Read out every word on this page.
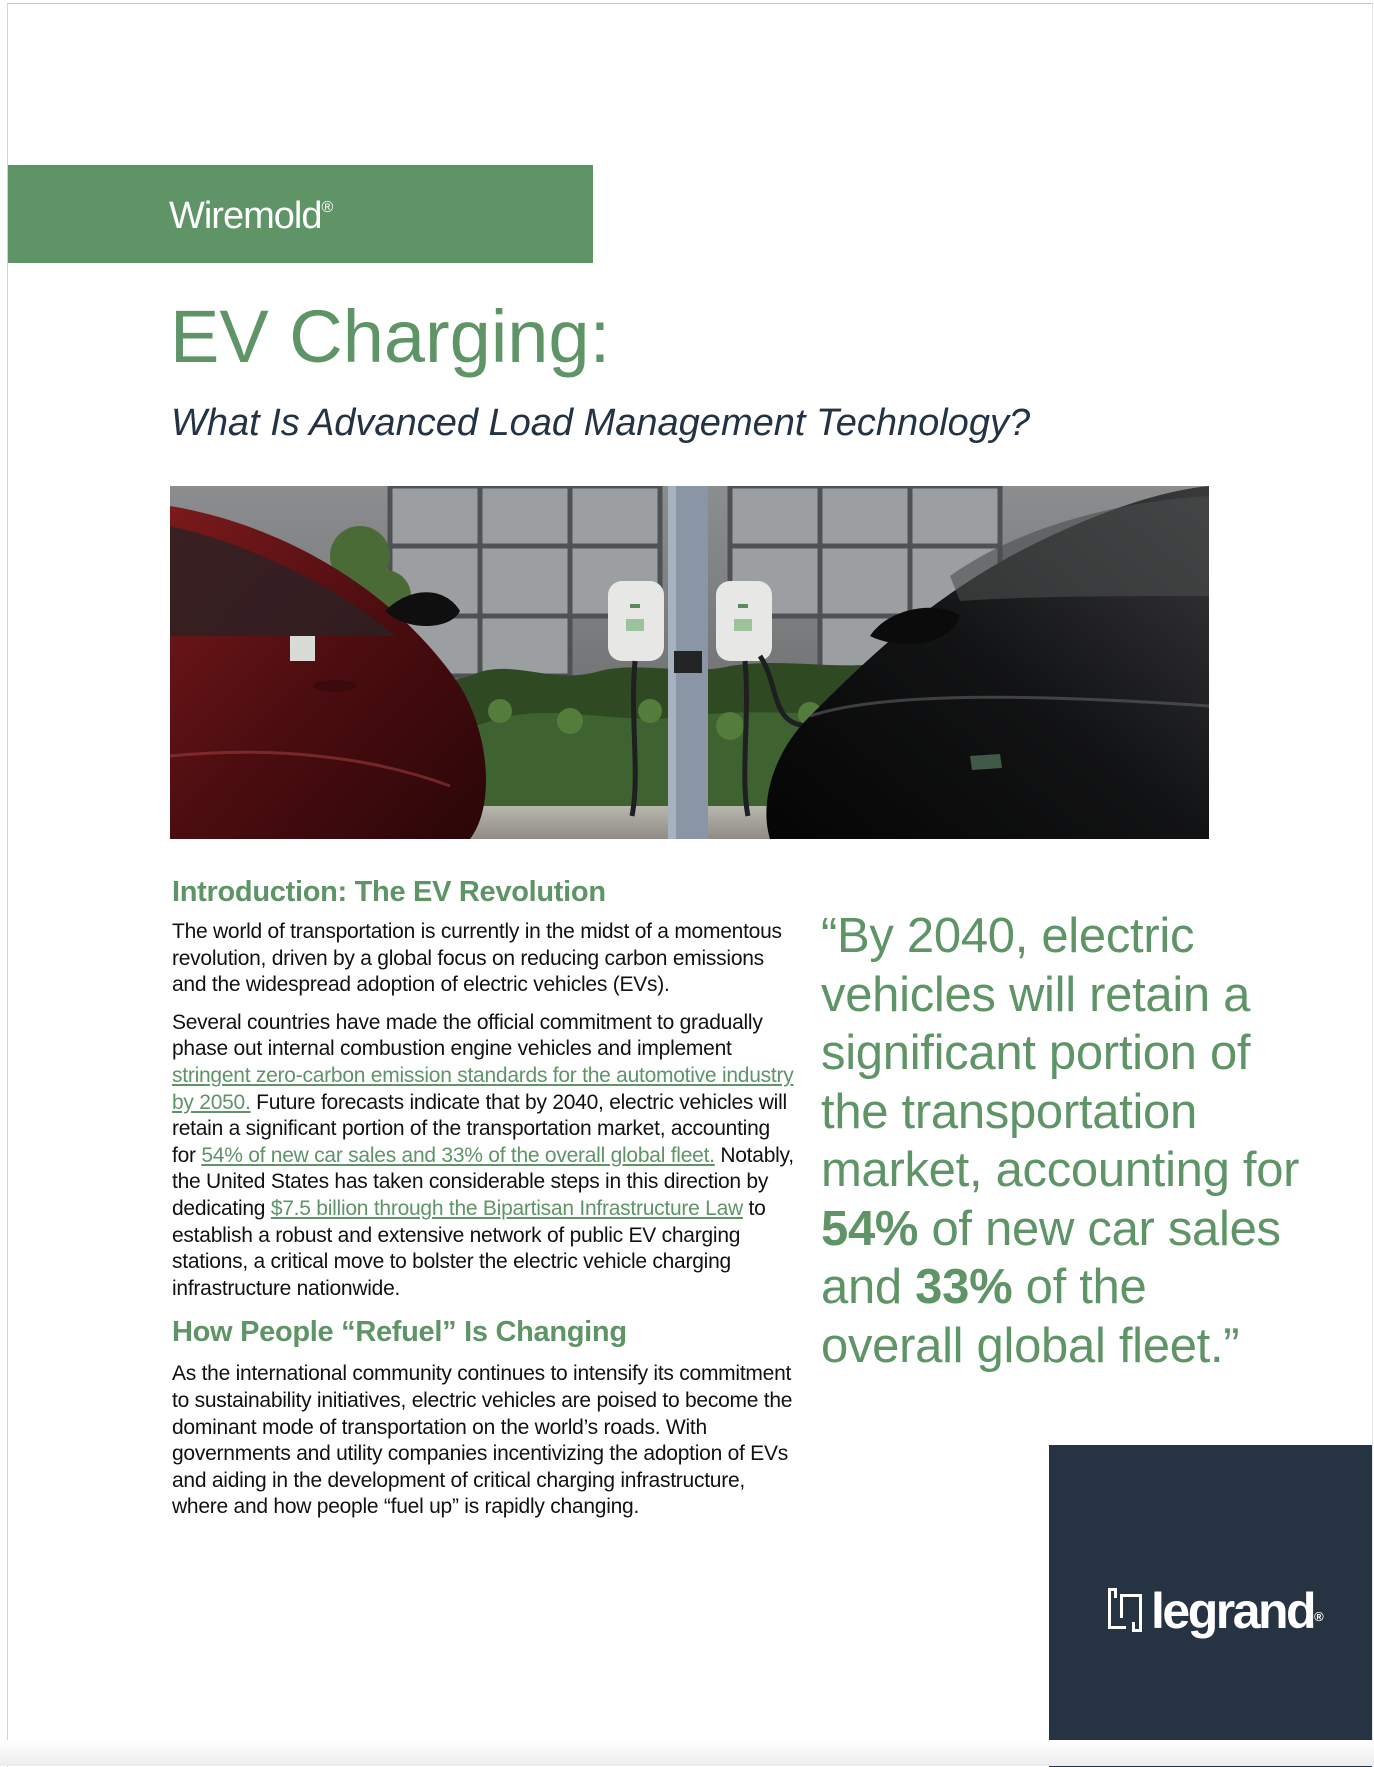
Wiremold®
EV Charging:
What Is Advanced Load Management Technology?
Introduction: The EV Revolution

The world of transportation is currently in the midst of a momentous revolution, driven by a global focus on reducing carbon emissions and the widespread adoption of electric vehicles (EVs).

Several countries have made the official commitment to gradually phase out internal combustion engine vehicles and implement stringent zero-carbon emission standards for the automotive industry by 2050. Future forecasts indicate that by 2040, electric vehicles will retain a significant portion of the transportation market, accounting for 54% of new car sales and 33% of the overall global fleet. Notably, the United States has taken considerable steps in this direction by dedicating $7.5 billion through the Bipartisan Infrastructure Law to establish a robust and extensive network of public EV charging stations, a critical move to bolster the electric vehicle charging infrastructure nationwide.

How People “Refuel” Is Changing

As the international community continues to intensify its commitment to sustainability initiatives, electric vehicles are poised to become the dominant mode of transportation on the world’s roads. With governments and utility companies incentivizing the adoption of EVs and aiding in the development of critical charging infrastructure, where and how people “fuel up” is rapidly changing.

“By 2040, electric vehicles will retain a significant portion of the transportation market, accounting for 54% of new car sales and 33% of the overall global fleet.”
legrand®
